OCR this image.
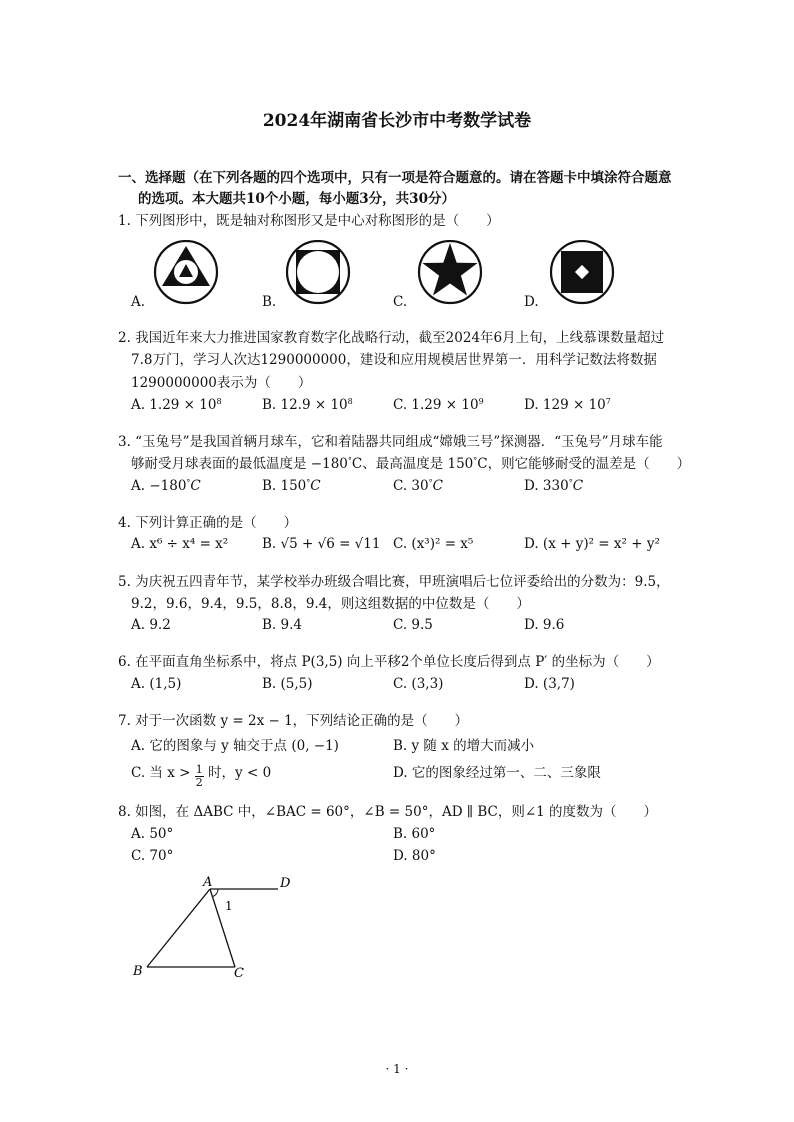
2024年湖南省长沙市中考数学试卷
一、选择题（在下列各题的四个选项中，只有一项是符合题意的。请在答题卡中填涂符合题意
的选项。本大题共10个小题，每小题3分，共30分）
1. 下列图形中，既是轴对称图形又是中心对称图形的是（　　）
A.	B.	C.	D.
2. 我国近年来大力推进国家教育数字化战略行动，截至2024年6月上旬，上线慕课数量超过
7.8万门，学习人次达1290000000，建设和应用规模居世界第一．用科学记数法将数据
1290000000表示为（　　）
A. $1.29 \times 10^8$	B. $12.9 \times 10^8$	C. $1.29 \times 10^9$	D. $129 \times 10^7$
3. “玉兔号”是我国首辆月球车，它和着陆器共同组成“嫦娥三号”探测器．“玉兔号”月球车能
够耐受月球表面的最低温度是 −180°C、最高温度是 150°C，则它能够耐受的温差是（　　）
A. −180°C	B. 150°C	C. 30°C	D. 330°C
4. 下列计算正确的是（　　）
A. x⁶ ÷ x⁴ = x²	B. √5 + √6 = √11 C. (x³)² = x⁵	D. (x + y)² = x² + y²
5. 为庆祝五四青年节，某学校举办班级合唱比赛，甲班演唱后七位评委给出的分数为：9.5，
9.2，9.6，9.4，9.5，8.8，9.4，则这组数据的中位数是（　　）
A. 9.2	B. 9.4	C. 9.5	D. 9.6
6. 在平面直角坐标系中，将点 P(3,5) 向上平移2个单位长度后得到点 P′ 的坐标为（　　）
A. (1,5)	B. (5,5)	C. (3,3)	D. (3,7)
7. 对于一次函数 y = 2x − 1，下列结论正确的是（　　）
A. 它的图象与 y 轴交于点 (0, −1)	B. y 随 x 的增大而减小
C. 当 $x > \frac{1}{2}$ 时，y < 0	D. 它的图象经过第一、二、三象限
8. 如图，在 ΔABC 中，∠BAC = 60°，∠B = 50°，AD ∥ BC，则∠1 的度数为（　　）
A. 50°	B. 60°
C. 70°	D. 80°
A	D
1
B	C
· 1 ·
